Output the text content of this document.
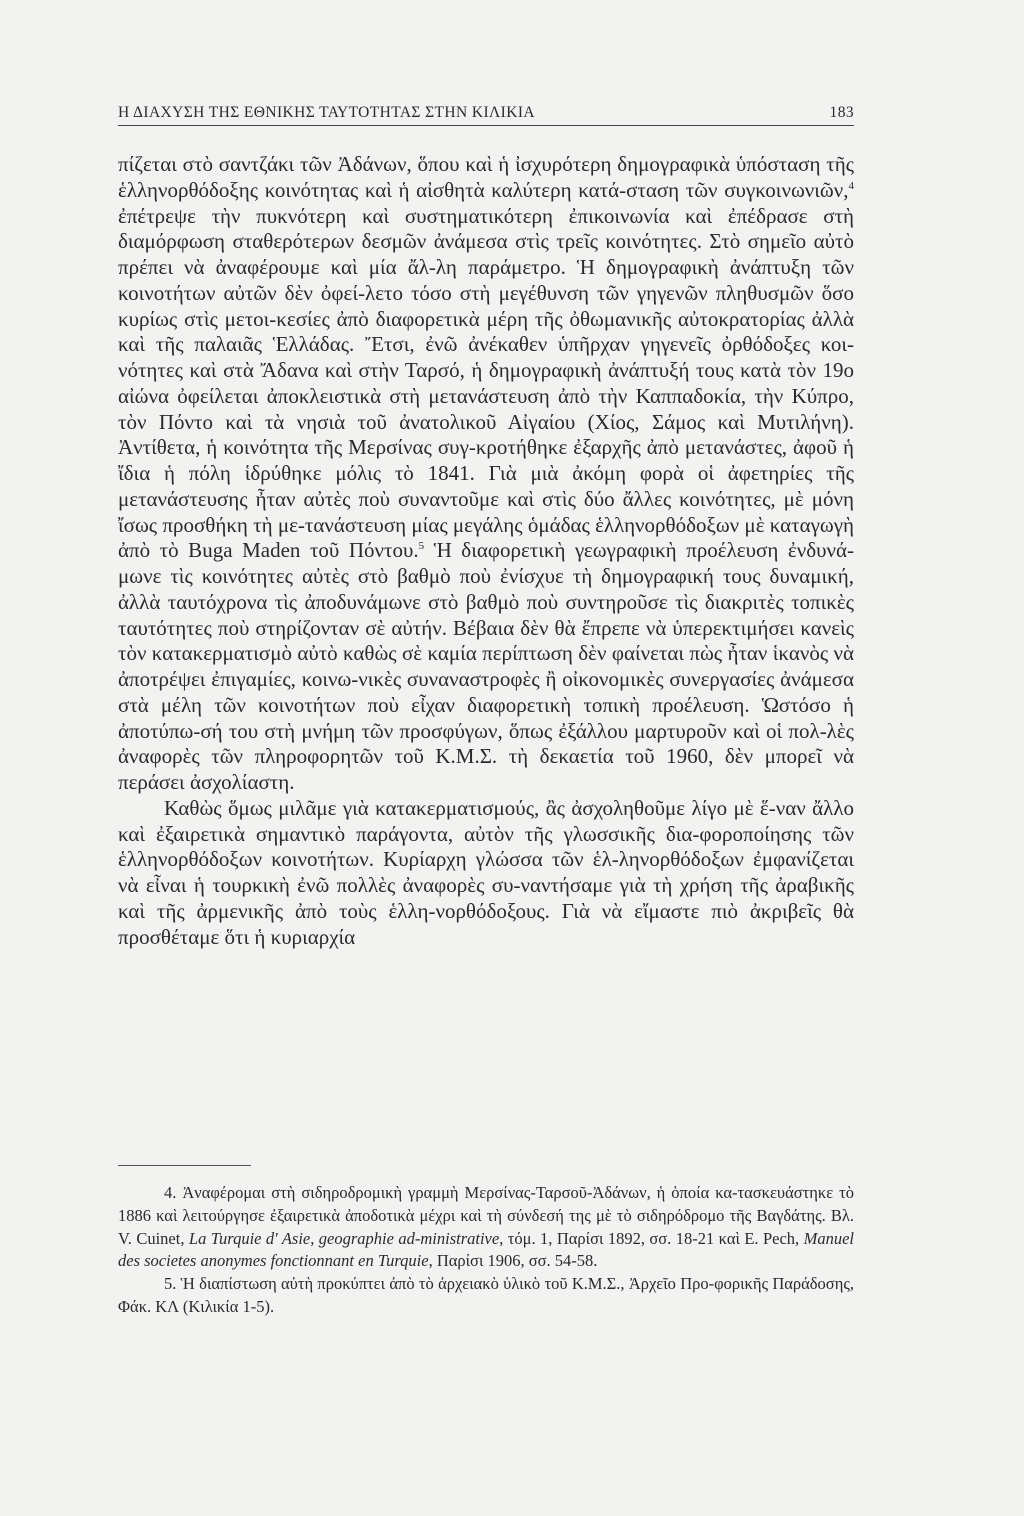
Η ΔΙΑΧΥΣΗ ΤΗΣ ΕΘΝΙΚΗΣ ΤΑΥΤΟΤΗΤΑΣ ΣΤΗΝ ΚΙΛΙΚΙΑ	183

πίζεται στὸ σαντζάκι τῶν Ἀδάνων, ὅπου καὶ ἡ ἰσχυρότερη δημογραφικὰ ὑπόσταση τῆς ἑλληνορθόδοξης κοινότητας καὶ ἡ αἰσθητὰ καλύτερη κατά-σταση τῶν συγκοινωνιῶν,$^4$ ἐπέτρεψε τὴν πυκνότερη καὶ συστηματικότερη ἐπικοινωνία καὶ ἐπέδρασε στὴ διαμόρφωση σταθερότερων δεσμῶν ἀνάμεσα στὶς τρεῖς κοινότητες. Στὸ σημεῖο αὐτὸ πρέπει νὰ ἀναφέρουμε καὶ μία ἄλ-λη παράμετρο. Ἡ δημογραφικὴ ἀνάπτυξη τῶν κοινοτήτων αὐτῶν δὲν ὀφεί-λετο τόσο στὴ μεγέθυνση τῶν γηγενῶν πληθυσμῶν ὅσο κυρίως στὶς μετοι-κεσίες ἀπὸ διαφορετικὰ μέρη τῆς ὀθωμανικῆς αὐτοκρατορίας ἀλλὰ καὶ τῆς παλαιᾶς Ἑλλάδας. Ἔτσι, ἐνῶ ἀνέκαθεν ὑπῆρχαν γηγενεῖς ὀρθόδοξες κοι-νότητες καὶ στὰ Ἄδανα καὶ στὴν Ταρσό, ἡ δημογραφικὴ ἀνάπτυξή τους κατὰ τὸν 19ο αἰώνα ὀφείλεται ἀποκλειστικὰ στὴ μετανάστευση ἀπὸ τὴν Καππαδοκία, τὴν Κύπρο, τὸν Πόντο καὶ τὰ νησιὰ τοῦ ἀνατολικοῦ Αἰγαίου (Χίος, Σάμος καὶ Μυτιλήνη). Ἀντίθετα, ἡ κοινότητα τῆς Μερσίνας συγ-κροτήθηκε ἐξαρχῆς ἀπὸ μετανάστες, ἀφοῦ ἡ ἴδια ἡ πόλη ἱδρύθηκε μόλις τὸ 1841. Γιὰ μιὰ ἀκόμη φορὰ οἱ ἀφετηρίες τῆς μετανάστευσης ἦταν αὐτὲς ποὺ συναντοῦμε καὶ στὶς δύο ἄλλες κοινότητες, μὲ μόνη ἴσως προσθήκη τὴ με-τανάστευση μίας μεγάλης ὁμάδας ἑλληνορθόδοξων μὲ καταγωγὴ ἀπὸ τὸ Buga Maden τοῦ Πόντου.$^5$ Ἡ διαφορετικὴ γεωγραφικὴ προέλευση ἐνδυνά-μωνε τὶς κοινότητες αὐτὲς στὸ βαθμὸ ποὺ ἐνίσχυε τὴ δημογραφική τους δυναμική, ἀλλὰ ταυτόχρονα τὶς ἀποδυνάμωνε στὸ βαθμὸ ποὺ συντηροῦσε τὶς διακριτὲς τοπικὲς ταυτότητες ποὺ στηρίζονταν σὲ αὐτήν. Βέβαια δὲν θὰ ἔπρεπε νὰ ὑπερεκτιμήσει κανεὶς τὸν κατακερματισμὸ αὐτὸ καθὼς σὲ καμία περίπτωση δὲν φαίνεται πὼς ἦταν ἱκανὸς νὰ ἀποτρέψει ἐπιγαμίες, κοινω-νικὲς συναναστροφὲς ἢ οἰκονομικὲς συνεργασίες ἀνάμεσα στὰ μέλη τῶν κοινοτήτων ποὺ εἶχαν διαφορετικὴ τοπικὴ προέλευση. Ὡστόσο ἡ ἀποτύπω-σή του στὴ μνήμη τῶν προσφύγων, ὅπως ἐξάλλου μαρτυροῦν καὶ οἱ πολ-λὲς ἀναφορὲς τῶν πληροφορητῶν τοῦ Κ.Μ.Σ. τὴ δεκαετία τοῦ 1960, δὲν μπορεῖ νὰ περάσει ἀσχολίαστη.

Καθὼς ὅμως μιλᾶμε γιὰ κατακερματισμούς, ἂς ἀσχοληθοῦμε λίγο μὲ ἕ-ναν ἄλλο καὶ ἐξαιρετικὰ σημαντικὸ παράγοντα, αὐτὸν τῆς γλωσσικῆς δια-φοροποίησης τῶν ἑλληνορθόδοξων κοινοτήτων. Κυρίαρχη γλώσσα τῶν ἑλ-ληνορθόδοξων ἐμφανίζεται νὰ εἶναι ἡ τουρκικὴ ἐνῶ πολλὲς ἀναφορὲς συ-ναντήσαμε γιὰ τὴ χρήση τῆς ἀραβικῆς καὶ τῆς ἀρμενικῆς ἀπὸ τοὺς ἑλλη-νορθόδοξους. Γιὰ νὰ εἴμαστε πιὸ ἀκριβεῖς θὰ προσθέταμε ὅτι ἡ κυριαρχία

4. Ἀναφέρομαι στὴ σιδηροδρομικὴ γραμμὴ Μερσίνας-Ταρσοῦ-Ἀδάνων, ἡ ὁποία κα-τασκευάστηκε τὸ 1886 καὶ λειτούργησε ἐξαιρετικὰ ἀποδοτικὰ μέχρι καὶ τὴ σύνδεσή της μὲ τὸ σιδηρόδρομο τῆς Βαγδάτης. Βλ. V. Cuinet, La Turquie d' Asie, geographie ad-ministrative, τόμ. 1, Παρίσι 1892, σσ. 18-21 καὶ E. Pech, Manuel des societes anonymes fonctionnant en Turquie, Παρίσι 1906, σσ. 54-58.

5. Ἡ διαπίστωση αὐτὴ προκύπτει ἀπὸ τὸ ἀρχειακὸ ὑλικὸ τοῦ Κ.Μ.Σ., Ἀρχεῖο Προ-φορικῆς Παράδοσης, Φάκ. ΚΛ (Κιλικία 1-5).
